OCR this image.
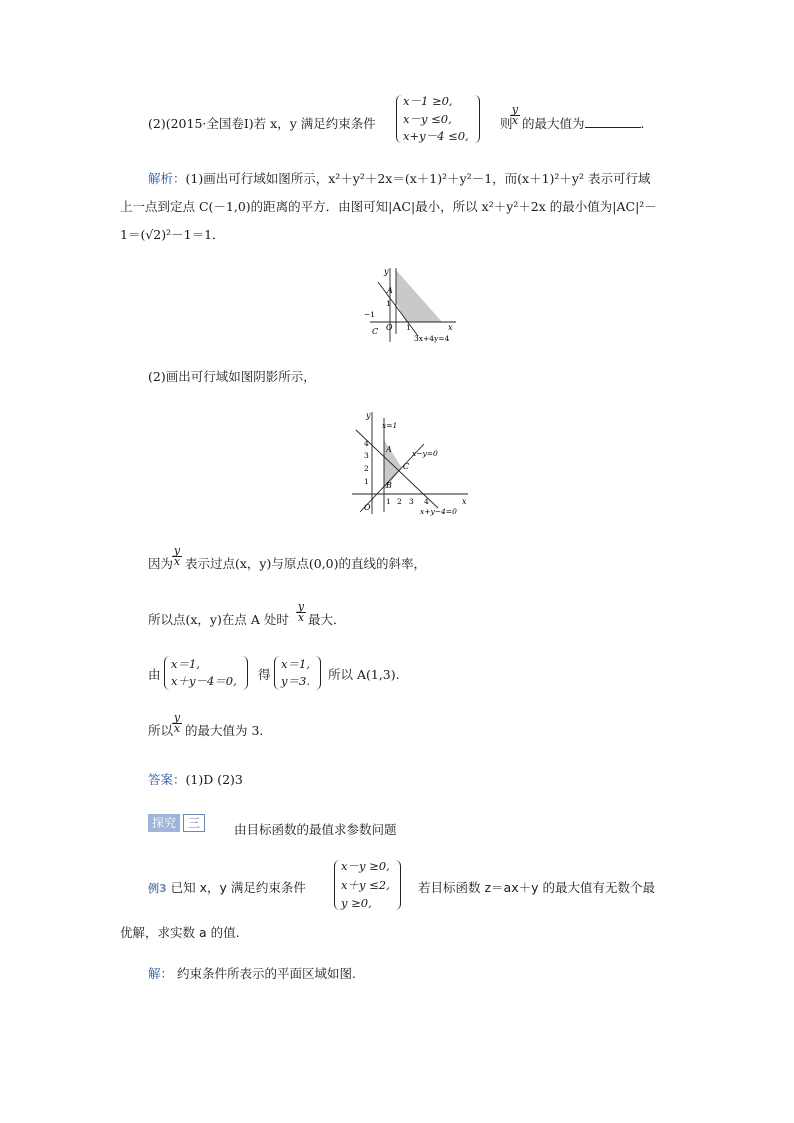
(2)(2015·全国卷Ⅰ)若 x，y 满足约束条件
x－1 ≥0,
x－y ≤0,
x+y－4 ≤0,
则
$\frac{y}{x}$ 的最大值为	.
解析：(1)画出可行域如图所示，x²＋y²＋2x＝(x＋1)²＋y²－1，而(x＋1)²＋y² 表示可行域
上一点到定点 C(－1,0)的距离的平方．由图可知|AC|最小，所以 x²＋y²＋2x 的最小值为|AC|²－
1＝(√2)²－1＝1．
y
x
A
1
−1
O 1
C
3x+4y=4
(2)画出可行域如图阴影所示，
y
x
x=1
x−y=0
x+y−4=0
A
C
B
O
4
3
2
1
1 2 3 4
因为
$\frac{y}{x}$ 表示过点(x，y)与原点(0,0)的直线的斜率，
所以点(x，y)在点 A 处时 $\frac{y}{x}$ 最大．
由
x＝1,
x＋y－4＝0, 得
x＝1,
y＝3. 所以 A(1,3).
所以
$\frac{y}{x}$ 的最大值为 3.
答案：(1)D (2)3
探究	三	由目标函数的最值求参数问题
例3 已知 x，y 满足约束条件
x－y ≥0,
x＋y ≤2,
y ≥0,
若目标函数 z＝ax＋y 的最大值有无数个最
优解，求实数 a 的值.
解： 约束条件所表示的平面区域如图.
